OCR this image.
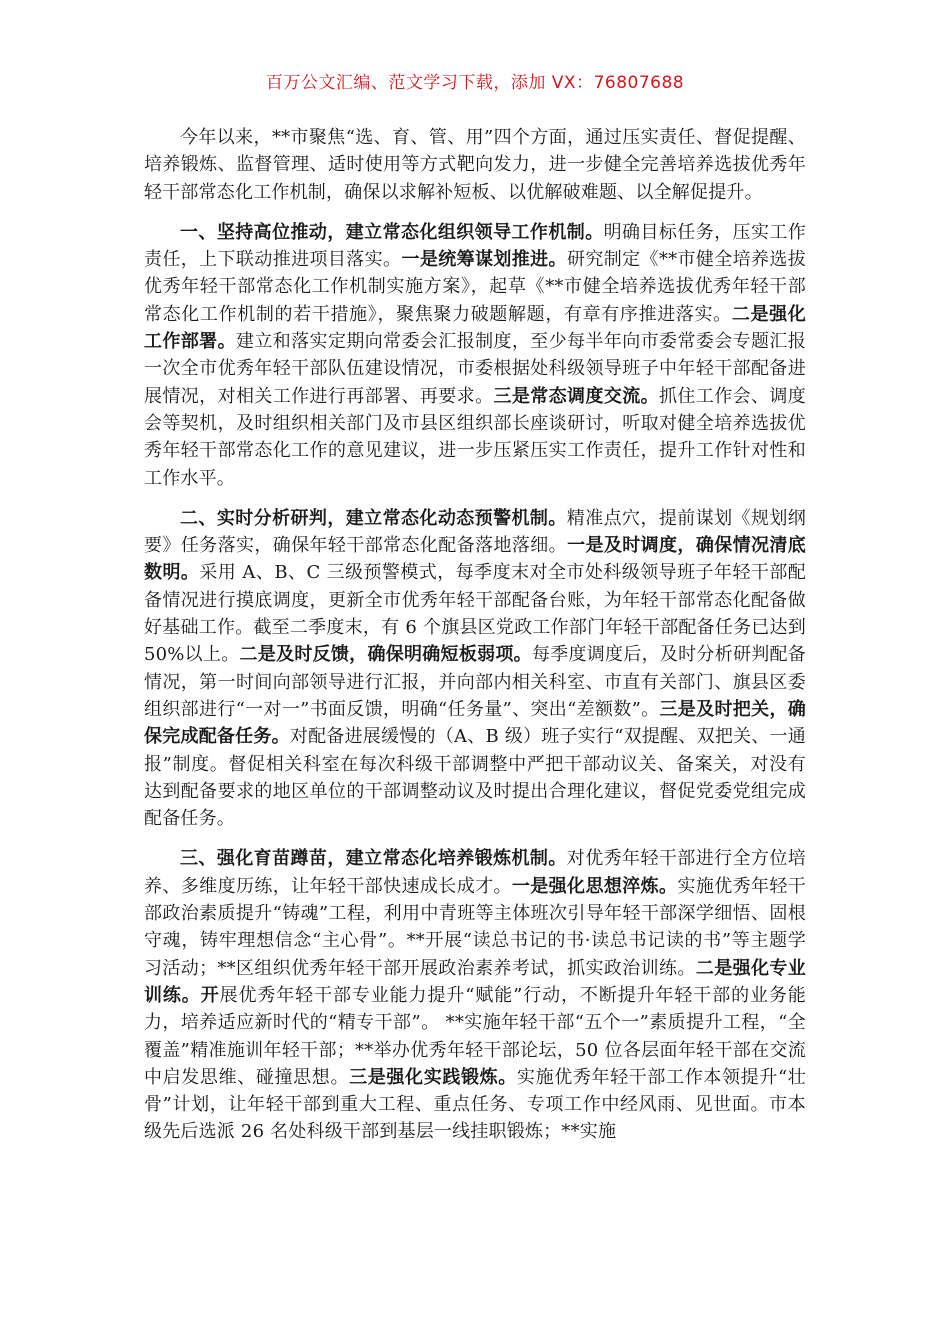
百万公文汇编、范文学习下载，添加 VX：76807688

今年以来，**市聚焦“选、育、管、用”四个方面，通过压实责任、督促提醒、培养锻炼、监督管理、适时使用等方式靶向发力，进一步健全完善培养选拔优秀年轻干部常态化工作机制，确保以求解补短板、以优解破难题、以全解促提升。

一、坚持高位推动，建立常态化组织领导工作机制。明确目标任务，压实工作责任，上下联动推进项目落实。一是统筹谋划推进。研究制定《**市健全培养选拔优秀年轻干部常态化工作机制实施方案》，起草《**市健全培养选拔优秀年轻干部常态化工作机制的若干措施》，聚焦聚力破题解题，有章有序推进落实。二是强化工作部署。建立和落实定期向常委会汇报制度，至少每半年向市委常委会专题汇报一次全市优秀年轻干部队伍建设情况，市委根据处科级领导班子中年轻干部配备进展情况，对相关工作进行再部署、再要求。三是常态调度交流。抓住工作会、调度会等契机，及时组织相关部门及市县区组织部长座谈研讨，听取对健全培养选拔优秀年轻干部常态化工作的意见建议，进一步压紧压实工作责任，提升工作针对性和工作水平。

二、实时分析研判，建立常态化动态预警机制。精准点穴，提前谋划《规划纲要》任务落实，确保年轻干部常态化配备落地落细。一是及时调度，确保情况清底数明。采用 A、B、C 三级预警模式，每季度末对全市处科级领导班子年轻干部配备情况进行摸底调度，更新全市优秀年轻干部配备台账，为年轻干部常态化配备做好基础工作。截至二季度末，有 6 个旗县区党政工作部门年轻干部配备任务已达到 50%以上。二是及时反馈，确保明确短板弱项。每季度调度后，及时分析研判配备情况，第一时间向部领导进行汇报，并向部内相关科室、市直有关部门、旗县区委组织部进行“一对一”书面反馈，明确“任务量”、突出“差额数”。三是及时把关，确保完成配备任务。对配备进展缓慢的（A、B 级）班子实行“双提醒、双把关、一通报”制度。督促相关科室在每次科级干部调整中严把干部动议关、备案关，对没有达到配备要求的地区单位的干部调整动议及时提出合理化建议，督促党委党组完成配备任务。

三、强化育苗蹲苗，建立常态化培养锻炼机制。对优秀年轻干部进行全方位培养、多维度历练，让年轻干部快速成长成才。一是强化思想淬炼。实施优秀年轻干部政治素质提升“铸魂”工程，利用中青班等主体班次引导年轻干部深学细悟、固根守魂，铸牢理想信念“主心骨”。**开展“读总书记的书·读总书记读的书”等主题学习活动；**区组织优秀年轻干部开展政治素养考试，抓实政治训练。二是强化专业训练。开展优秀年轻干部专业能力提升“赋能”行动，不断提升年轻干部的业务能力，培养适应新时代的“精专干部”。 **实施年轻干部“五个一”素质提升工程，“全覆盖”精准施训年轻干部；**举办优秀年轻干部论坛，50 位各层面年轻干部在交流中启发思维、碰撞思想。三是强化实践锻炼。实施优秀年轻干部工作本领提升“壮骨”计划，让年轻干部到重大工程、重点任务、专项工作中经风雨、见世面。市本级先后选派 26 名处科级干部到基层一线挂职锻炼；**实施
